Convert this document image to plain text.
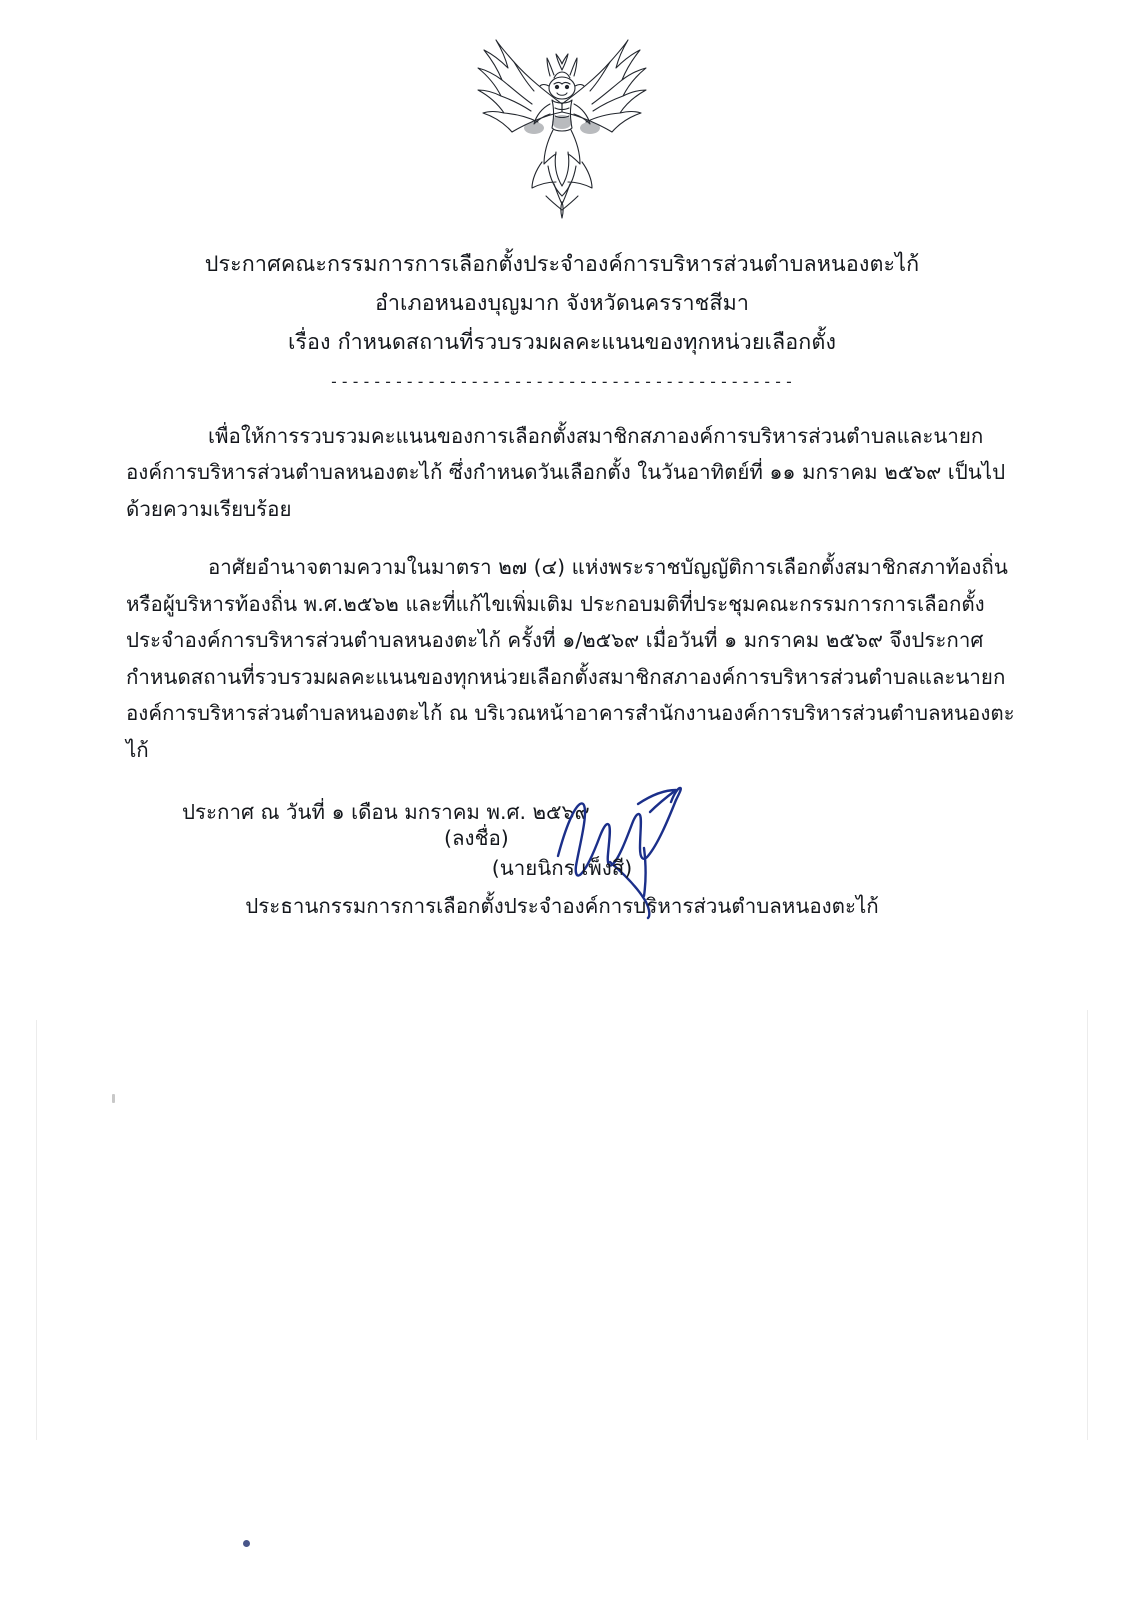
ประกาศคณะกรรมการการเลือกตั้งประจำองค์การบริหารส่วนตำบลหนองตะไก้
อำเภอหนองบุญมาก จังหวัดนครราชสีมา
เรื่อง กำหนดสถานที่รวบรวมผลคะแนนของทุกหน่วยเลือกตั้ง
-------------------------------------------

เพื่อให้การรวบรวมคะแนนของการเลือกตั้งสมาชิกสภาองค์การบริหารส่วนตำบลและนายกองค์การบริหารส่วนตำบลหนองตะไก้ ซึ่งกำหนดวันเลือกตั้ง ในวันอาทิตย์ที่ ๑๑ มกราคม ๒๕๖๙ เป็นไปด้วยความเรียบร้อย

อาศัยอำนาจตามความในมาตรา ๒๗ (๔) แห่งพระราชบัญญัติการเลือกตั้งสมาชิกสภาท้องถิ่นหรือผู้บริหารท้องถิ่น พ.ศ.๒๕๖๒ และที่แก้ไขเพิ่มเติม ประกอบมติที่ประชุมคณะกรรมการการเลือกตั้งประจำองค์การบริหารส่วนตำบลหนองตะไก้ ครั้งที่ ๑/๒๕๖๙ เมื่อวันที่ ๑ มกราคม ๒๕๖๙ จึงประกาศกำหนดสถานที่รวบรวมผลคะแนนของทุกหน่วยเลือกตั้งสมาชิกสภาองค์การบริหารส่วนตำบลและนายกองค์การบริหารส่วนตำบลหนองตะไก้ ณ บริเวณหน้าอาคารสำนักงานองค์การบริหารส่วนตำบลหนองตะไก้

ประกาศ ณ วันที่ ๑ เดือน มกราคม พ.ศ. ๒๕๖๙

(ลงชื่อ)
(นายนิกร เพ็งสี)
ประธานกรรมการการเลือกตั้งประจำองค์การบริหารส่วนตำบลหนองตะไก้
